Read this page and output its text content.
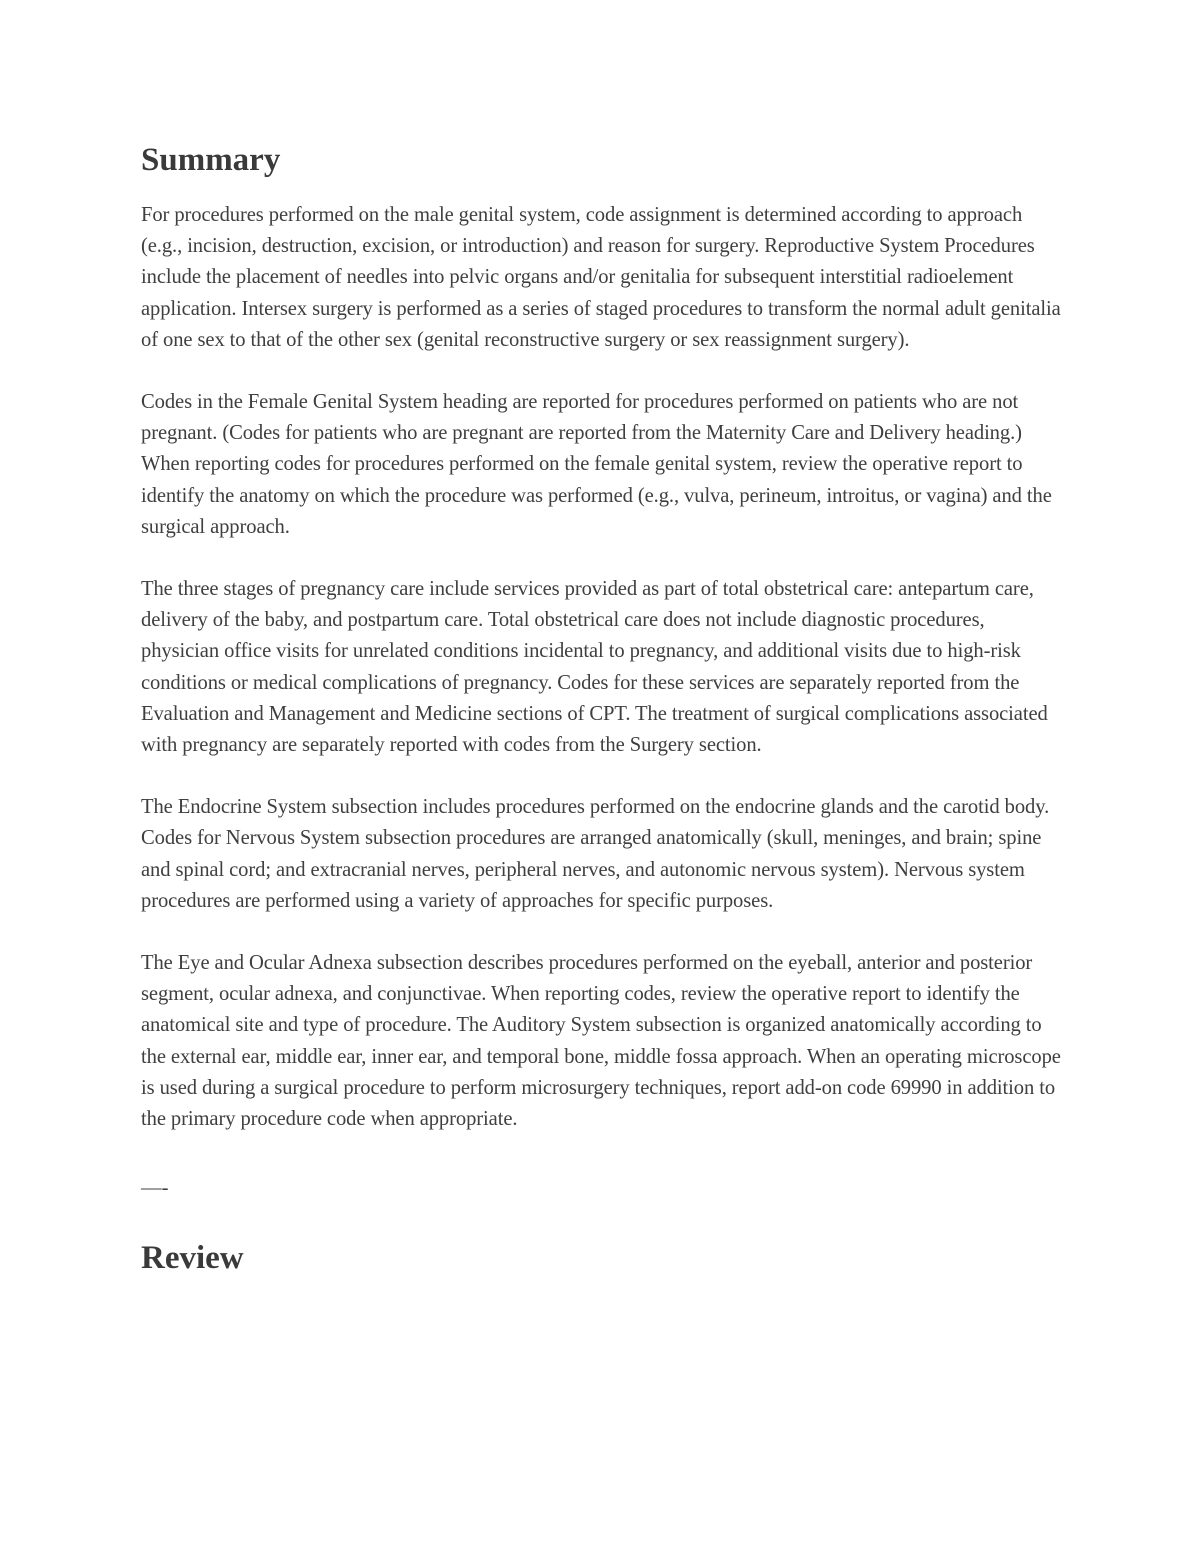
Summary

For procedures performed on the male genital system, code assignment is determined according to approach (e.g., incision, destruction, excision, or introduction) and reason for surgery. Reproductive System Procedures include the placement of needles into pelvic organs and/or genitalia for subsequent interstitial radioelement application. Intersex surgery is performed as a series of staged procedures to transform the normal adult genitalia of one sex to that of the other sex (genital reconstructive surgery or sex reassignment surgery).

Codes in the Female Genital System heading are reported for procedures performed on patients who are not pregnant. (Codes for patients who are pregnant are reported from the Maternity Care and Delivery heading.) When reporting codes for procedures performed on the female genital system, review the operative report to identify the anatomy on which the procedure was performed (e.g., vulva, perineum, introitus, or vagina) and the surgical approach.

The three stages of pregnancy care include services provided as part of total obstetrical care: antepartum care, delivery of the baby, and postpartum care. Total obstetrical care does not include diagnostic procedures, physician office visits for unrelated conditions incidental to pregnancy, and additional visits due to high-risk conditions or medical complications of pregnancy. Codes for these services are separately reported from the Evaluation and Management and Medicine sections of CPT. The treatment of surgical complications associated with pregnancy are separately reported with codes from the Surgery section.

The Endocrine System subsection includes procedures performed on the endocrine glands and the carotid body. Codes for Nervous System subsection procedures are arranged anatomically (skull, meninges, and brain; spine and spinal cord; and extracranial nerves, peripheral nerves, and autonomic nervous system). Nervous system procedures are performed using a variety of approaches for specific purposes.

The Eye and Ocular Adnexa subsection describes procedures performed on the eyeball, anterior and posterior segment, ocular adnexa, and conjunctivae. When reporting codes, review the operative report to identify the anatomical site and type of procedure. The Auditory System subsection is organized anatomically according to the external ear, middle ear, inner ear, and temporal bone, middle fossa approach. When an operating microscope is used during a surgical procedure to perform microsurgery techniques, report add-on code 69990 in addition to the primary procedure code when appropriate.

—-
Review
